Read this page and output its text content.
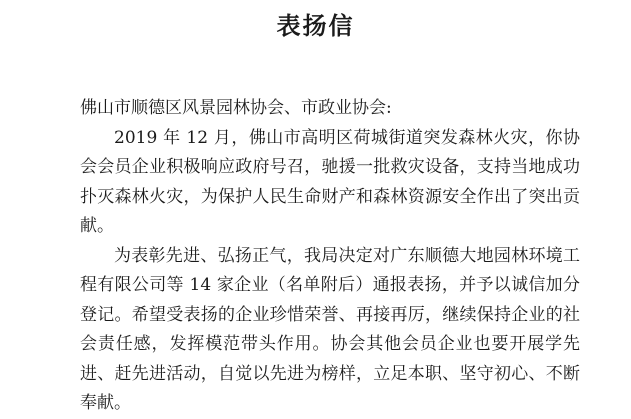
表扬信

佛山市顺德区风景园林协会、市政业协会:

2019 年 12 月，佛山市高明区荷城街道突发森林火灾，你协会会员企业积极响应政府号召，驰援一批救灾设备，支持当地成功扑灭森林火灾，为保护人民生命财产和森林资源安全作出了突出贡献。

为表彰先进、弘扬正气，我局决定对广东顺德大地园林环境工程有限公司等 14 家企业（名单附后）通报表扬，并予以诚信加分登记。希望受表扬的企业珍惜荣誉、再接再厉，继续保持企业的社会责任感，发挥模范带头作用。协会其他会员企业也要开展学先进、赶先进活动，自觉以先进为榜样，立足本职、坚守初心、不断奉献。
